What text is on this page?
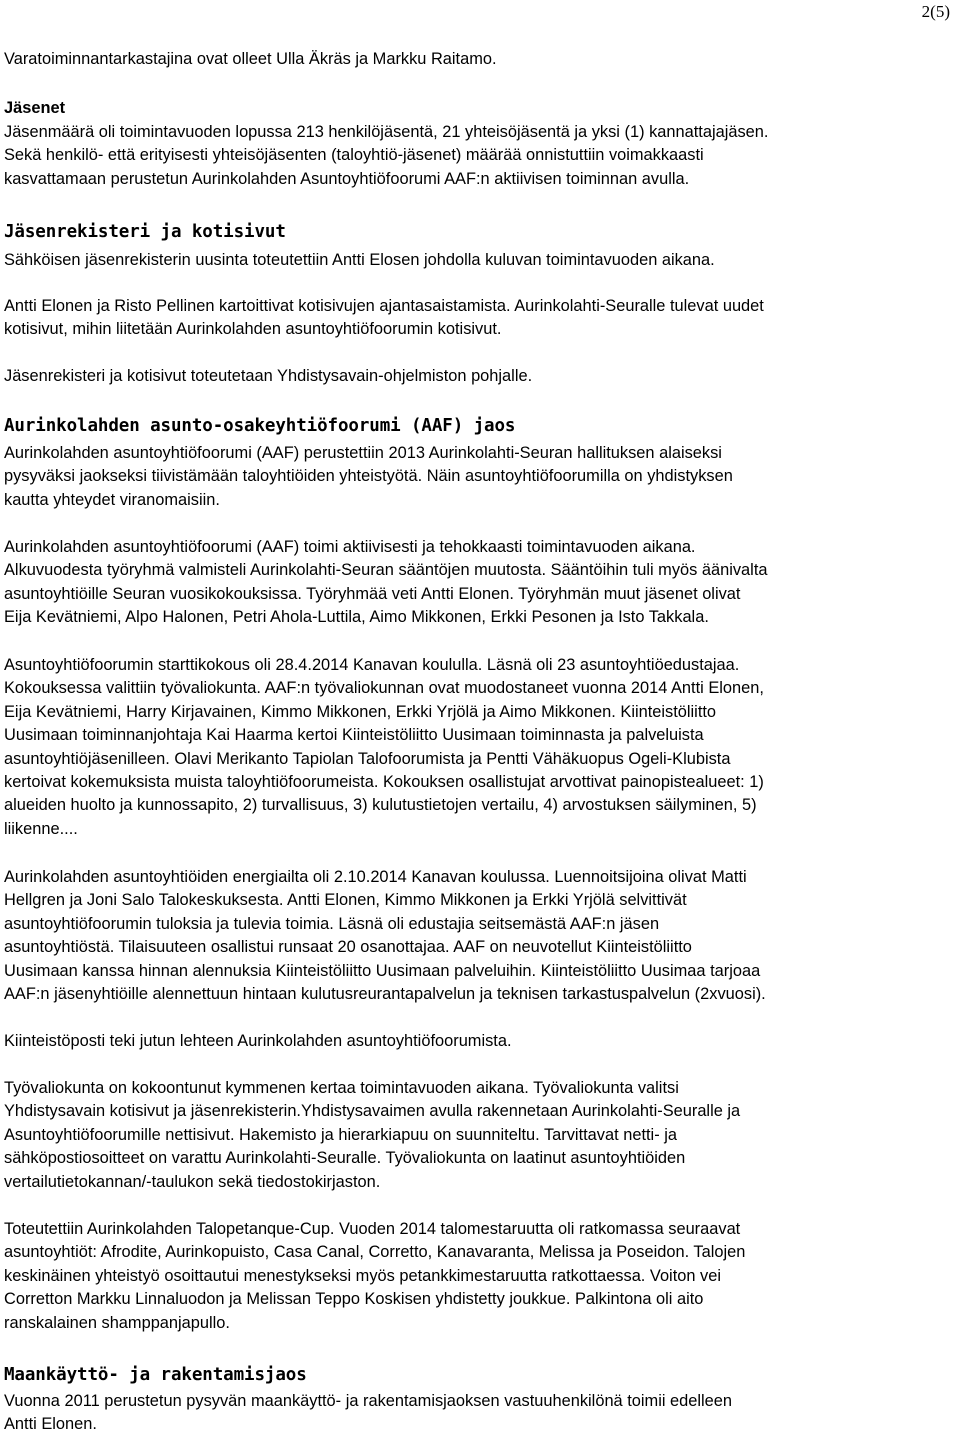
2(5)

Varatoiminnantarkastajina ovat olleet Ulla Äkräs ja Markku Raitamo.

Jäsenet

Jäsenmäärä oli toimintavuoden lopussa 213 henkilöjäsentä, 21 yhteisöjäsentä ja yksi (1) kannattajajäsen.
Sekä henkilö- että erityisesti yhteisöjäsenten (taloyhtiö-jäsenet) määrää onnistuttiin voimakkaasti
kasvattamaan perustetun Aurinkolahden Asuntoyhtiöfoorumi AAF:n aktiivisen toiminnan avulla.

Jäsenrekisteri ja kotisivut

Sähköisen jäsenrekisterin uusinta toteutettiin Antti Elosen johdolla kuluvan toimintavuoden aikana.

Antti Elonen ja Risto Pellinen kartoittivat kotisivujen ajantasaistamista. Aurinkolahti-Seuralle tulevat uudet
kotisivut, mihin liitetään Aurinkolahden asuntoyhtiöfoorumin kotisivut.

Jäsenrekisteri ja kotisivut toteutetaan Yhdistysavain-ohjelmiston pohjalle.

Aurinkolahden asunto-osakeyhtiöfoorumi (AAF) jaos

Aurinkolahden asuntoyhtiöfoorumi (AAF) perustettiin 2013 Aurinkolahti-Seuran hallituksen alaiseksi
pysyväksi jaokseksi tiivistämään taloyhtiöiden yhteistyötä. Näin asuntoyhtiöfoorumilla on yhdistyksen
kautta yhteydet viranomaisiin.

Aurinkolahden asuntoyhtiöfoorumi (AAF) toimi aktiivisesti ja tehokkaasti toimintavuoden aikana.
Alkuvuodesta työryhmä valmisteli Aurinkolahti-Seuran sääntöjen muutosta. Sääntöihin tuli myös äänivalta
asuntoyhtiöille Seuran vuosikokouksissa. Työryhmää veti Antti Elonen. Työryhmän muut jäsenet olivat
Eija Kevätniemi, Alpo Halonen, Petri Ahola-Luttila, Aimo Mikkonen, Erkki Pesonen ja Isto Takkala.

Asuntoyhtiöfoorumin starttikokous oli 28.4.2014 Kanavan koululla. Läsnä oli 23 asuntoyhtiöedustajaa.
Kokouksessa valittiin työvaliokunta. AAF:n työvaliokunnan ovat muodostaneet vuonna 2014 Antti Elonen,
Eija Kevätniemi, Harry Kirjavainen, Kimmo Mikkonen, Erkki Yrjölä ja Aimo Mikkonen. Kiinteistöliitto
Uusimaan toiminnanjohtaja Kai Haarma kertoi Kiinteistöliitto Uusimaan toiminnasta ja palveluista
asuntoyhtiöjäsenilleen. Olavi Merikanto Tapiolan Talofoorumista ja Pentti Vähäkuopus Ogeli-Klubista
kertoivat kokemuksista muista taloyhtiöfoorumeista. Kokouksen osallistujat arvottivat painopistealueet: 1)
alueiden huolto ja kunnossapito, 2) turvallisuus, 3) kulutustietojen vertailu, 4) arvostuksen säilyminen, 5)
liikenne....

Aurinkolahden asuntoyhtiöiden energiailta oli 2.10.2014 Kanavan koulussa. Luennoitsijoina olivat Matti
Hellgren ja Joni Salo Talokeskuksesta. Antti Elonen, Kimmo Mikkonen ja Erkki Yrjölä selvittivät
asuntoyhtiöfoorumin tuloksia ja tulevia toimia. Läsnä oli edustajia seitsemästä AAF:n jäsen
asuntoyhtiöstä. Tilaisuuteen osallistui runsaat 20 osanottajaa. AAF on neuvotellut Kiinteistöliitto
Uusimaan kanssa hinnan alennuksia Kiinteistöliitto Uusimaan palveluihin. Kiinteistöliitto Uusimaa tarjoaa
AAF:n jäsenyhtiöille alennettuun hintaan kulutusreurantapalvelun ja teknisen tarkastuspalvelun (2xvuosi).

Kiinteistöposti teki jutun lehteen Aurinkolahden asuntoyhtiöfoorumista.

Työvaliokunta on kokoontunut kymmenen kertaa toimintavuoden aikana. Työvaliokunta valitsi
Yhdistysavain kotisivut ja jäsenrekisterin.Yhdistysavaimen avulla rakennetaan Aurinkolahti-Seuralle ja
Asuntoyhtiöfoorumille nettisivut. Hakemisto ja hierarkiapuu on suunniteltu. Tarvittavat netti- ja
sähköpostiosoitteet on varattu Aurinkolahti-Seuralle. Työvaliokunta on laatinut asuntoyhtiöiden
vertailutietokannan/-taulukon sekä tiedostokirjaston.

Toteutettiin Aurinkolahden Talopetanque-Cup. Vuoden 2014 talomestaruutta oli ratkomassa seuraavat
asuntoyhtiöt: Afrodite, Aurinkopuisto, Casa Canal, Corretto, Kanavaranta, Melissa ja Poseidon. Talojen
keskinäinen yhteistyö osoittautui menestykseksi myös petankkimestaruutta ratkottaessa. Voiton vei
Corretton Markku Linnaluodon ja Melissan Teppo Koskisen yhdistetty joukkue. Palkintona oli aito
ranskalainen shamppanjapullo.

Maankäyttö- ja rakentamisjaos

Vuonna 2011 perustetun pysyvän maankäyttö- ja rakentamisjaoksen vastuuhenkilönä toimii edelleen
Antti Elonen.
